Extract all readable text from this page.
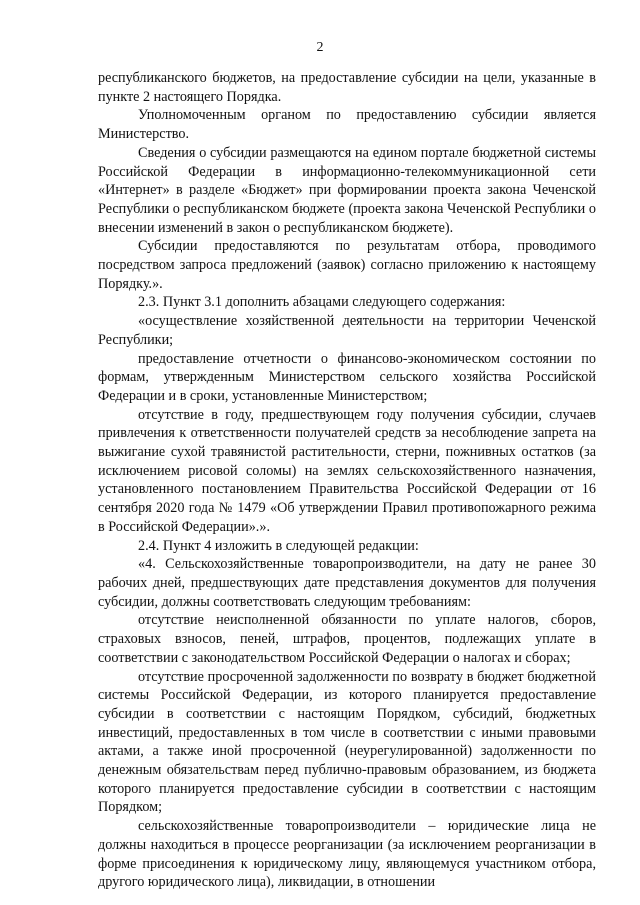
2

республиканского бюджетов, на предоставление субсидии на цели, указанные в пункте 2 настоящего Порядка.

Уполномоченным органом по предоставлению субсидии является Министерство.

Сведения о субсидии размещаются на едином портале бюджетной системы Российской Федерации в информационно-телекоммуникационной сети «Интернет» в разделе «Бюджет» при формировании проекта закона Чеченской Республики о республиканском бюджете (проекта закона Чеченской Республики о внесении изменений в закон о республиканском бюджете).

Субсидии предоставляются по результатам отбора, проводимого посредством запроса предложений (заявок) согласно приложению к настоящему Порядку.».

2.3. Пункт 3.1 дополнить абзацами следующего содержания:

«осуществление хозяйственной деятельности на территории Чеченской Республики;

предоставление отчетности о финансово-экономическом состоянии по формам, утвержденным Министерством сельского хозяйства Российской Федерации и в сроки, установленные Министерством;

отсутствие в году, предшествующем году получения субсидии, случаев привлечения к ответственности получателей средств за несоблюдение запрета на выжигание сухой травянистой растительности, стерни, пожнивных остатков (за исключением рисовой соломы) на землях сельскохозяйственного назначения, установленного постановлением Правительства Российской Федерации от 16 сентября 2020 года № 1479 «Об утверждении Правил противопожарного режима в Российской Федерации».».

2.4. Пункт 4 изложить в следующей редакции:

«4. Сельскохозяйственные товаропроизводители, на дату не ранее 30 рабочих дней, предшествующих дате представления документов для получения субсидии, должны соответствовать следующим требованиям:

отсутствие неисполненной обязанности по уплате налогов, сборов, страховых взносов, пеней, штрафов, процентов, подлежащих уплате в соответствии с законодательством Российской Федерации о налогах и сборах;

отсутствие просроченной задолженности по возврату в бюджет бюджетной системы Российской Федерации, из которого планируется предоставление субсидии в соответствии с настоящим Порядком, субсидий, бюджетных инвестиций, предоставленных в том числе в соответствии с иными правовыми актами, а также иной просроченной (неурегулированной) задолженности по денежным обязательствам перед публично-правовым образованием, из бюджета которого планируется предоставление субсидии в соответствии с настоящим Порядком;

сельскохозяйственные товаропроизводители – юридические лица не должны находиться в процессе реорганизации (за исключением реорганизации в форме присоединения к юридическому лицу, являющемуся участником отбора, другого юридического лица), ликвидации, в отношении
